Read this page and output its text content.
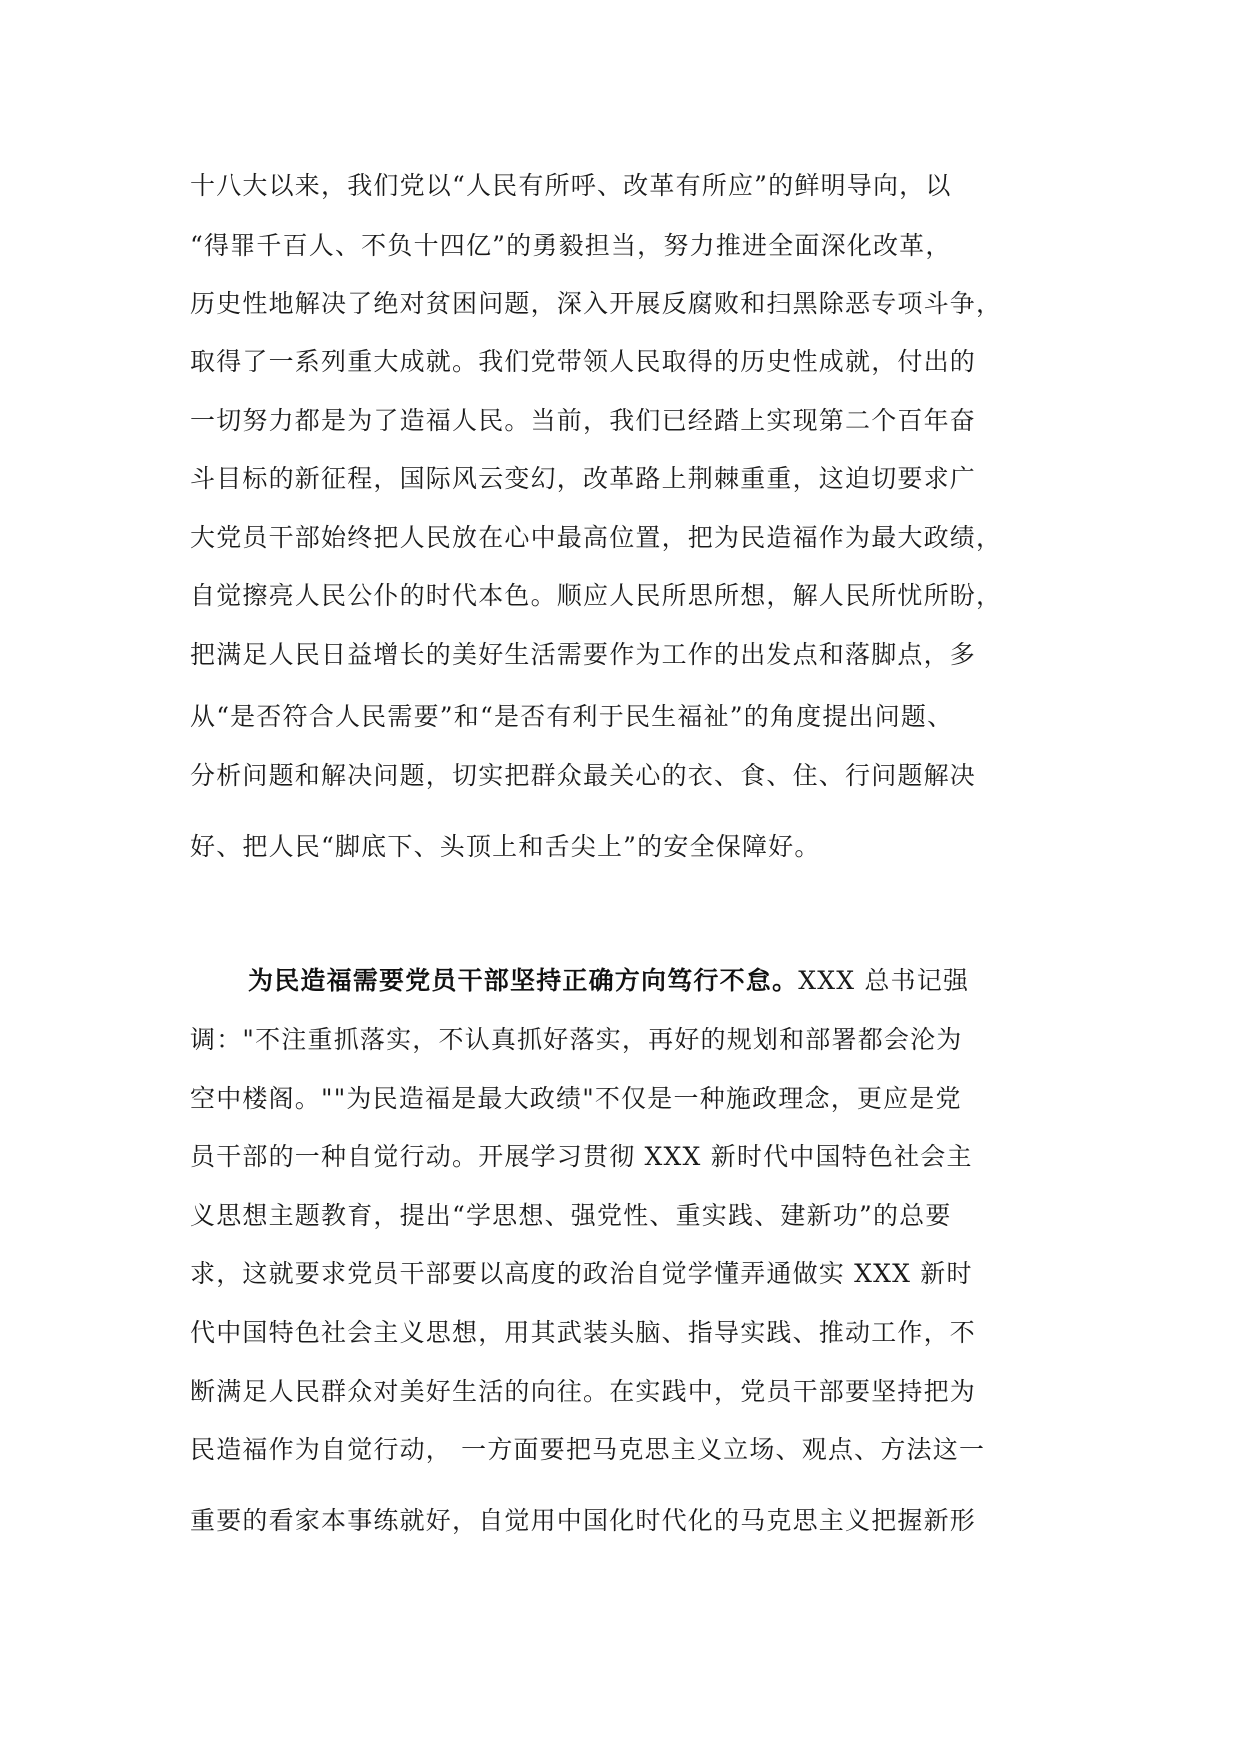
十八大以来，我们党以“人民有所呼、改革有所应”的鲜明导向，以
“得罪千百人、不负十四亿”的勇毅担当，努力推进全面深化改革，
历史性地解决了绝对贫困问题，深入开展反腐败和扫黑除恶专项斗争，
取得了一系列重大成就。我们党带领人民取得的历史性成就，付出的
一切努力都是为了造福人民。当前，我们已经踏上实现第二个百年奋
斗目标的新征程，国际风云变幻，改革路上荆棘重重，这迫切要求广
大党员干部始终把人民放在心中最高位置，把为民造福作为最大政绩，
自觉擦亮人民公仆的时代本色。顺应人民所思所想，解人民所忧所盼，
把满足人民日益增长的美好生活需要作为工作的出发点和落脚点，多
从“是否符合人民需要”和“是否有利于民生福祉”的角度提出问题、
分析问题和解决问题，切实把群众最关心的衣、食、住、行问题解决
好、把人民“脚底下、头顶上和舌尖上”的安全保障好。
为民造福需要党员干部坚持正确方向笃行不怠。XXX 总书记强
调："不注重抓落实，不认真抓好落实，再好的规划和部署都会沦为
空中楼阁。""为民造福是最大政绩"不仅是一种施政理念，更应是党
员干部的一种自觉行动。开展学习贯彻 XXX 新时代中国特色社会主
义思想主题教育，提出“学思想、强党性、重实践、建新功”的总要
求，这就要求党员干部要以高度的政治自觉学懂弄通做实 XXX 新时
代中国特色社会主义思想，用其武装头脑、指导实践、推动工作，不
断满足人民群众对美好生活的向往。在实践中，党员干部要坚持把为
民造福作为自觉行动， 一方面要把马克思主义立场、观点、方法这一
重要的看家本事练就好，自觉用中国化时代化的马克思主义把握新形
